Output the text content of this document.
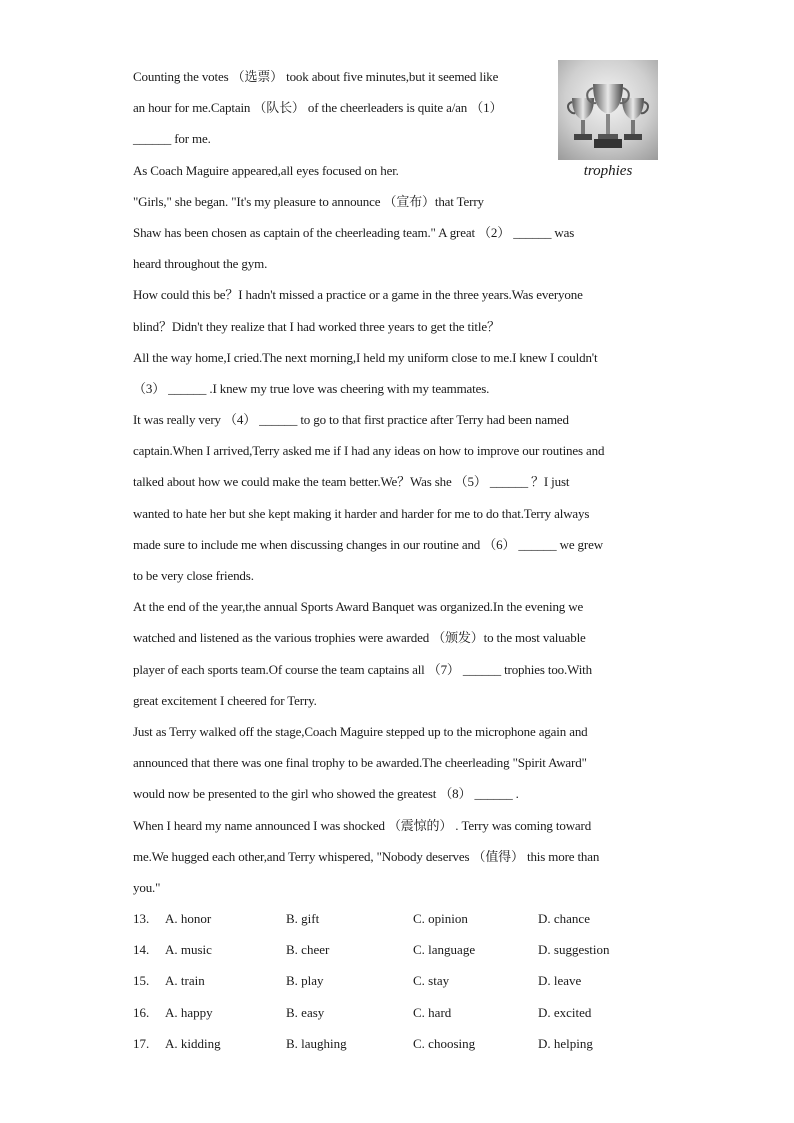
trophies
Counting the votes （选票） took about five minutes,but it seemed like
an hour for me.Captain （队长） of the cheerleaders is quite a/an （1）
______ for me.
As Coach Maguire appeared,all eyes focused on her.
"Girls," she began. "It's my pleasure to announce （宣布）that Terry
Shaw has been chosen as captain of the cheerleading team." A great （2） ______ was
heard throughout the gym.
How could this be？I hadn't missed a practice or a game in the three years.Was everyone
blind？Didn't they realize that I had worked three years to get the title？
All the way home,I cried.The next morning,I held my uniform close to me.I knew I couldn't
（3） ______ .I knew my true love was cheering with my teammates.
It was really very （4） ______ to go to that first practice after Terry had been named
captain.When I arrived,Terry asked me if I had any ideas on how to improve our routines and
talked about how we could make the team better.We？Was she （5） ______ ？I just
wanted to hate her but she kept making it harder and harder for me to do that.Terry always
made sure to include me when discussing changes in our routine and （6） ______ we grew
to be very close friends.
At the end of the year,the annual Sports Award Banquet was organized.In the evening we
watched and listened as the various trophies were awarded （颁发）to the most valuable
player of each sports team.Of course the team captains all （7） ______ trophies too.With
great excitement I cheered for Terry.
Just as Terry walked off the stage,Coach Maguire stepped up to the microphone again and
announced that there was one final trophy to be awarded.The cheerleading "Spirit Award"
would now be presented to the girl who showed the greatest （8） ______ .
When I heard my name announced I was shocked （震惊的） . Terry was coming toward
me.We hugged each other,and Terry whispered, "Nobody deserves （值得） this more than
you."
13. A. honor	B. gift	C. opinion	D. chance
14. A. music	B. cheer	C. language	D. suggestion
15. A. train	B. play	C. stay	D. leave
16. A. happy	B. easy	C. hard	D. excited
17. A. kidding	B. laughing	C. choosing	D. helping
